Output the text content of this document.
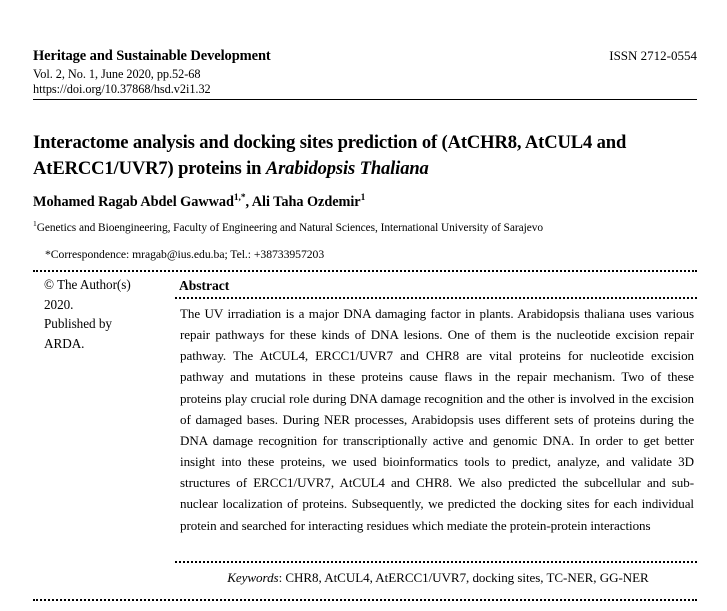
Heritage and Sustainable Development	ISSN 2712-0554
Vol. 2, No. 1, June 2020, pp.52-68
https://doi.org/10.37868/hsd.v2i1.32
Interactome analysis and docking sites prediction of (AtCHR8, AtCUL4 and AtERCC1/UVR7) proteins in Arabidopsis Thaliana
Mohamed Ragab Abdel Gawwad$^{1,*}$, Ali Taha Ozdemir$^1$
$^1$Genetics and Bioengineering, Faculty of Engineering and Natural Sciences, International University of Sarajevo
*Correspondence: mragab@ius.edu.ba; Tel.: +38733957203
© The Author(s)
2020.
Published by
ARDA.
Abstract
The UV irradiation is a major DNA damaging factor in plants. Arabidopsis thaliana uses various repair pathways for these kinds of DNA lesions. One of them is the nucleotide excision repair pathway. The AtCUL4, ERCC1/UVR7 and CHR8 are vital proteins for nucleotide excision pathway and mutations in these proteins cause flaws in the repair mechanism. Two of these proteins play crucial role during DNA damage recognition and the other is involved in the excision of damaged bases. During NER processes, Arabidopsis uses different sets of proteins during the DNA damage recognition for transcriptionally active and genomic DNA. In order to get better insight into these proteins, we used bioinformatics tools to predict, analyze, and validate 3D structures of ERCC1/UVR7, AtCUL4 and CHR8. We also predicted the subcellular and sub-nuclear localization of proteins. Subsequently, we predicted the docking sites for each individual protein and searched for interacting residues which mediate the protein-protein interactions
Keywords: CHR8, AtCUL4, AtERCC1/UVR7, docking sites, TC-NER, GG-NER
